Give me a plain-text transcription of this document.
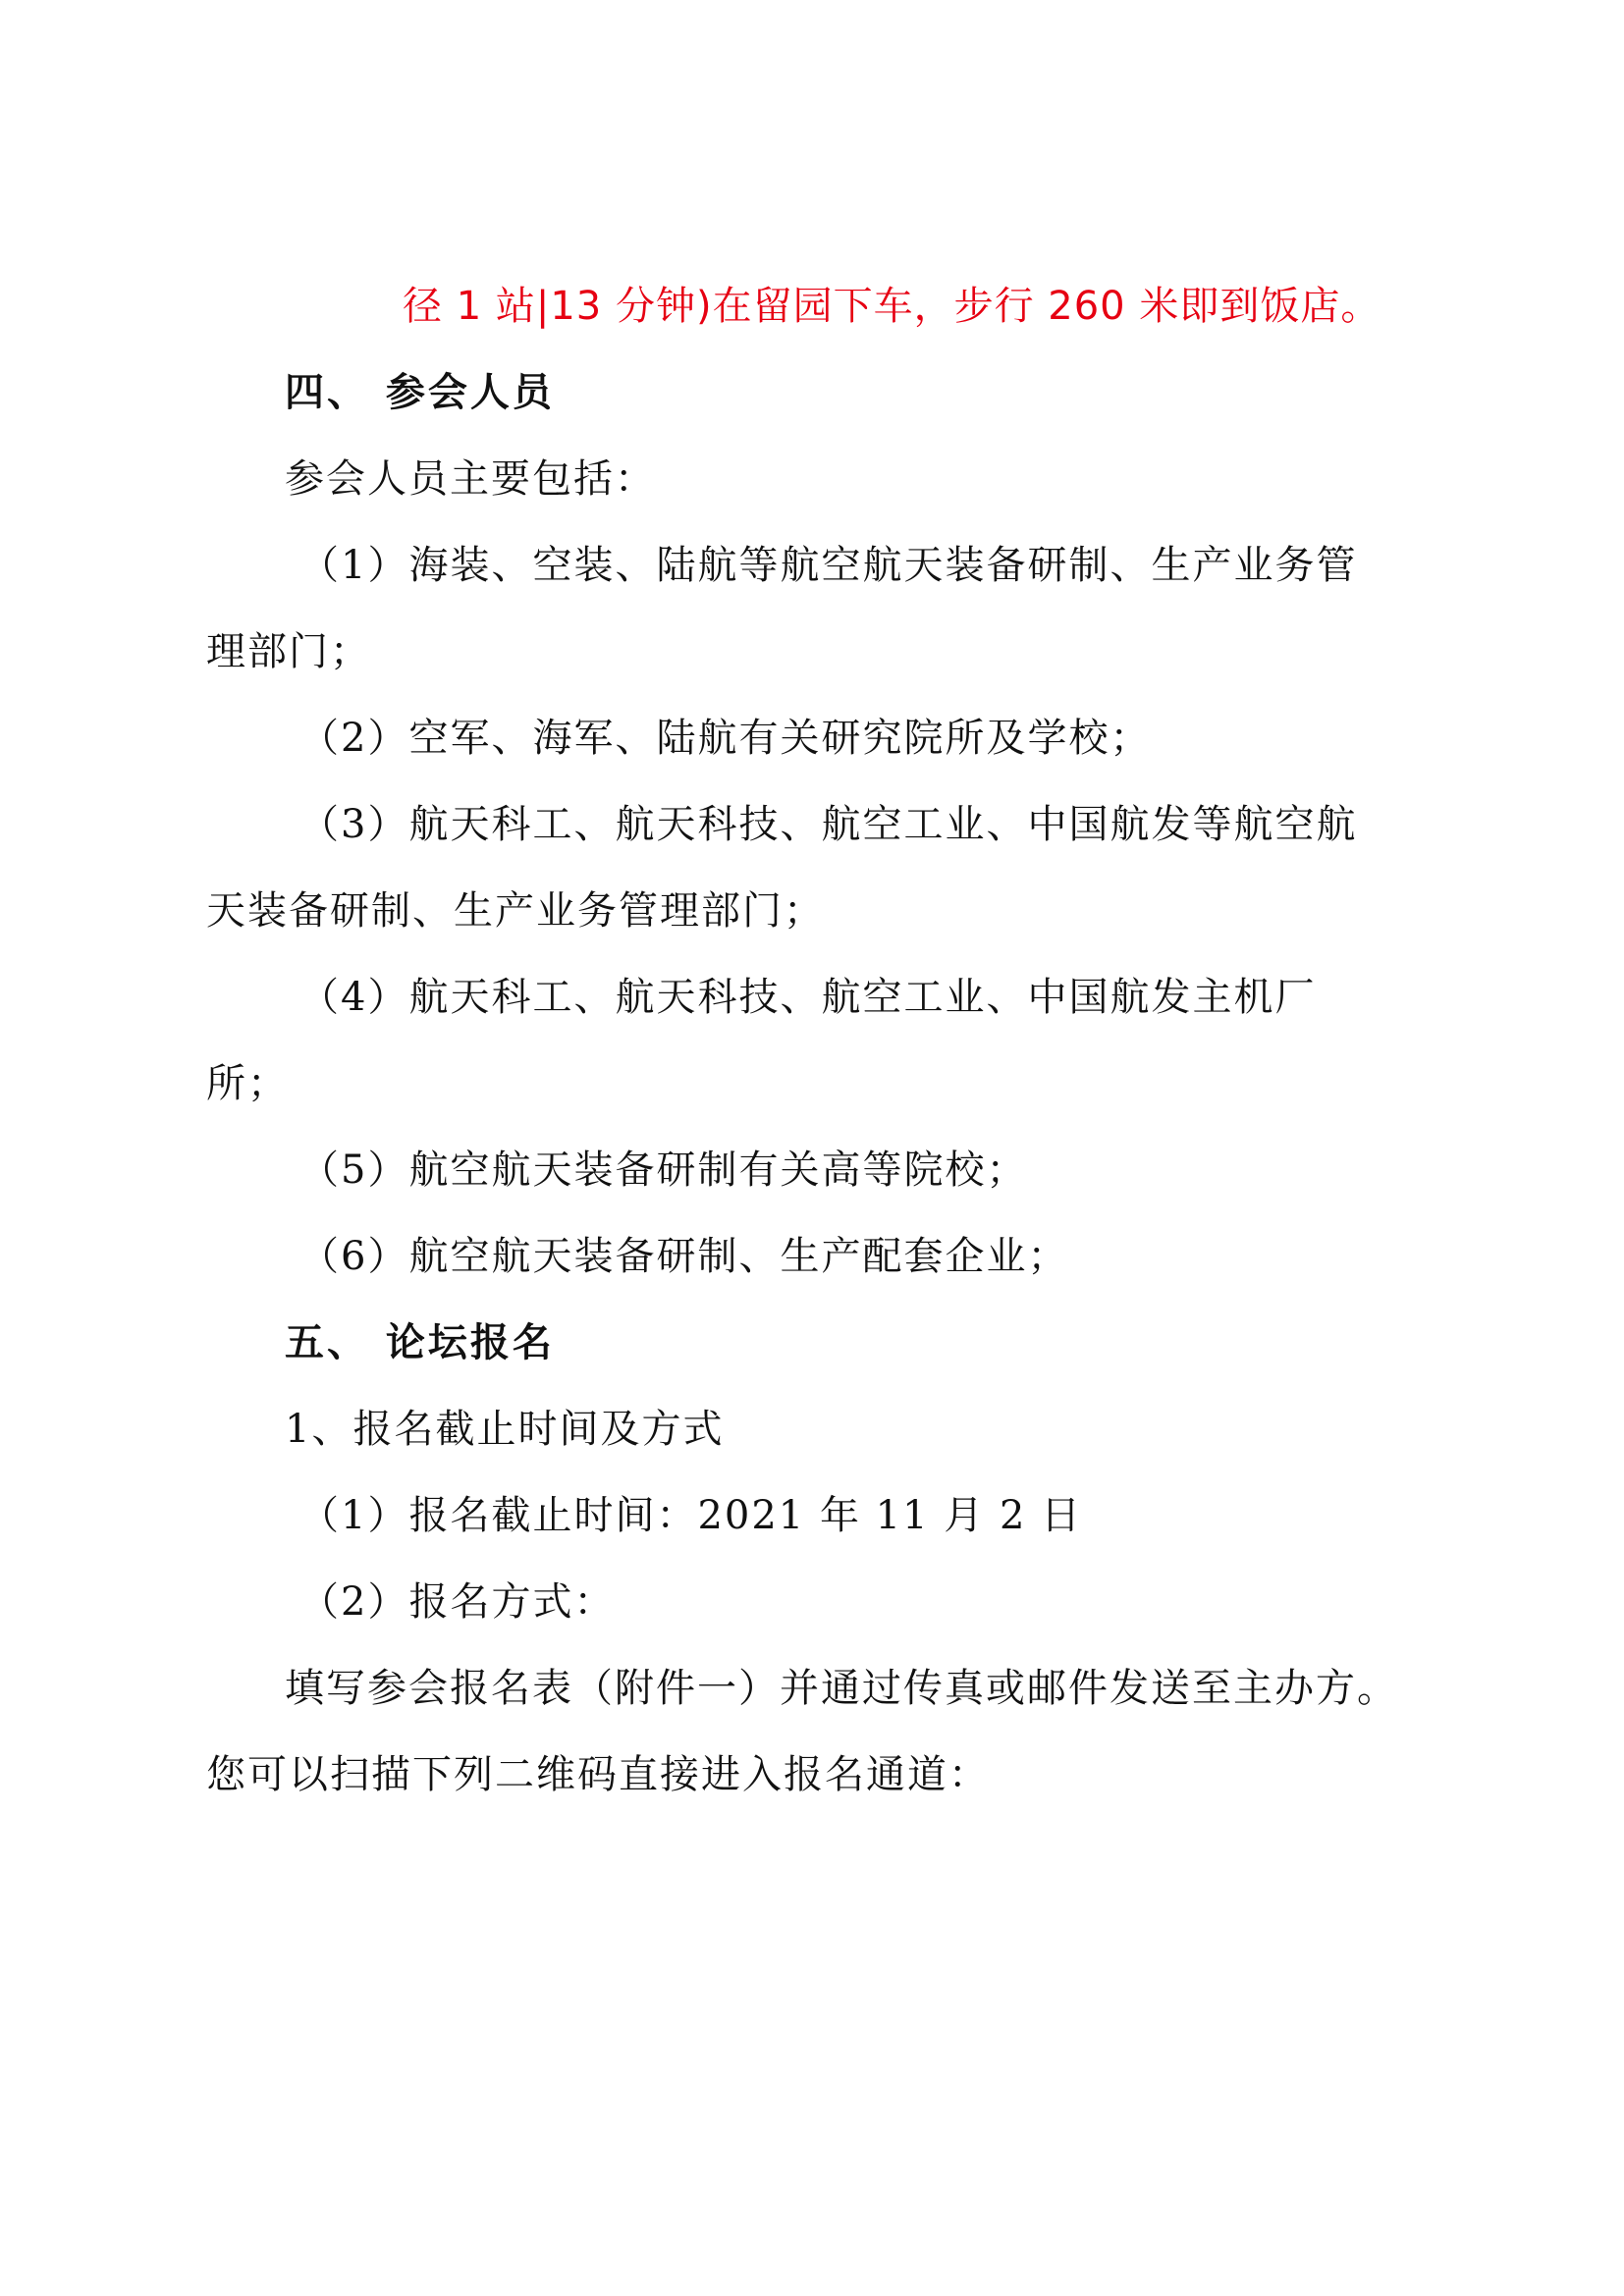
径 1 站|13 分钟)在留园下车，步行 260 米即到饭店。
四、 参会人员
参会人员主要包括：
（1）海装、空装、陆航等航空航天装备研制、生产业务管
理部门；
（2）空军、海军、陆航有关研究院所及学校；
（3）航天科工、航天科技、航空工业、中国航发等航空航
天装备研制、生产业务管理部门；
（4）航天科工、航天科技、航空工业、中国航发主机厂
所；
（5）航空航天装备研制有关高等院校；
（6）航空航天装备研制、生产配套企业；
五、 论坛报名
1、报名截止时间及方式
（1）报名截止时间：2021 年 11 月 2 日
（2）报名方式：
填写参会报名表（附件一）并通过传真或邮件发送至主办方。
您可以扫描下列二维码直接进入报名通道：
